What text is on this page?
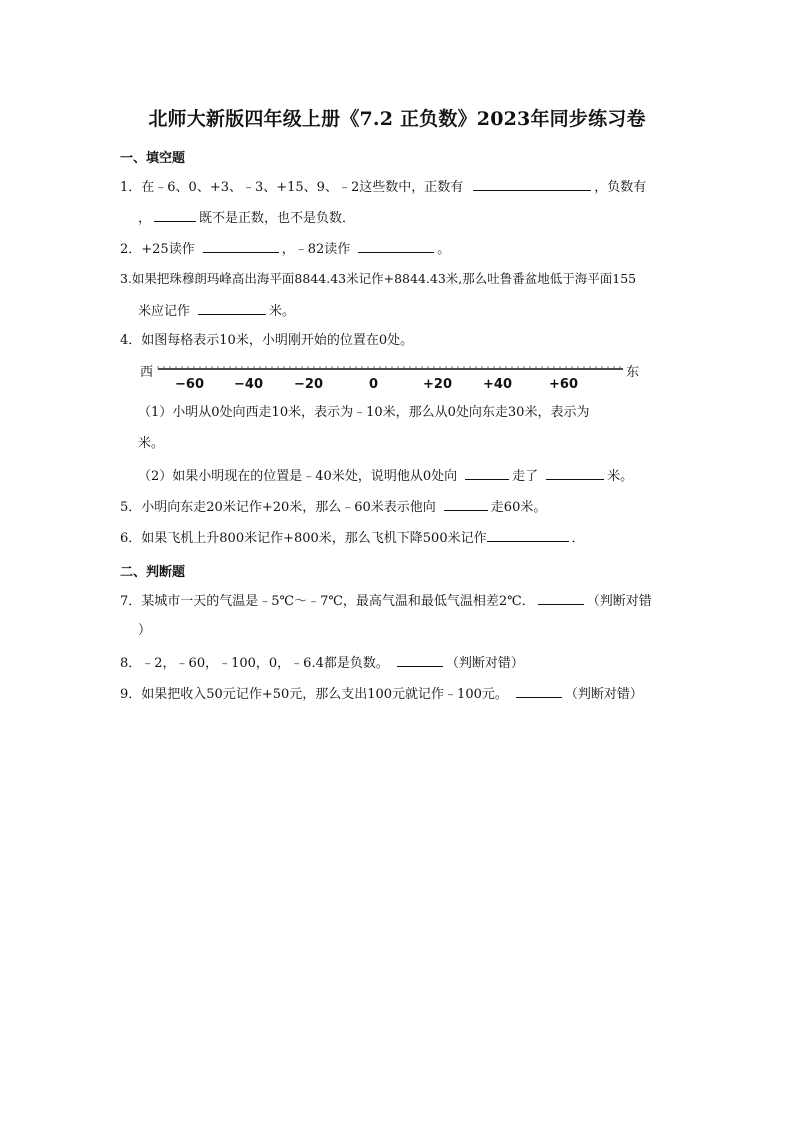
北师大新版四年级上册《7.2 正负数》2023年同步练习卷
一、填空题
1．在﹣6、0、+3、﹣3、+15、9、﹣2这些数中，正数有	，负数有
，	既不是正数，也不是负数．
2．+25读作	，﹣82读作	。
3.如果把珠穆朗玛峰高出海平面8844.43米记作+8844.43米,那么吐鲁番盆地低于海平面155
米应记作	米。
4．如图每格表示10米，小明刚开始的位置在0处。
西	东
−60 −40 −20	0	+20 +40	+60
（1）小明从0处向西走10米，表示为﹣10米，那么从0处向东走30米，表示为
米。
（2）如果小明现在的位置是﹣40米处，说明他从0处向	走了	米。
5．小明向东走20米记作+20米，那么﹣60米表示他向	走60米。
6．如果飞机上升800米记作+800米，那么飞机下降500米记作	．
二、判断题
7．某城市一天的气温是﹣5℃～﹣7℃，最高气温和最低气温相差2℃．	（判断对错
）
8．﹣2，﹣60，﹣100，0，﹣6.4都是负数。	（判断对错）
9．如果把收入50元记作+50元，那么支出100元就记作﹣100元。	（判断对错）
